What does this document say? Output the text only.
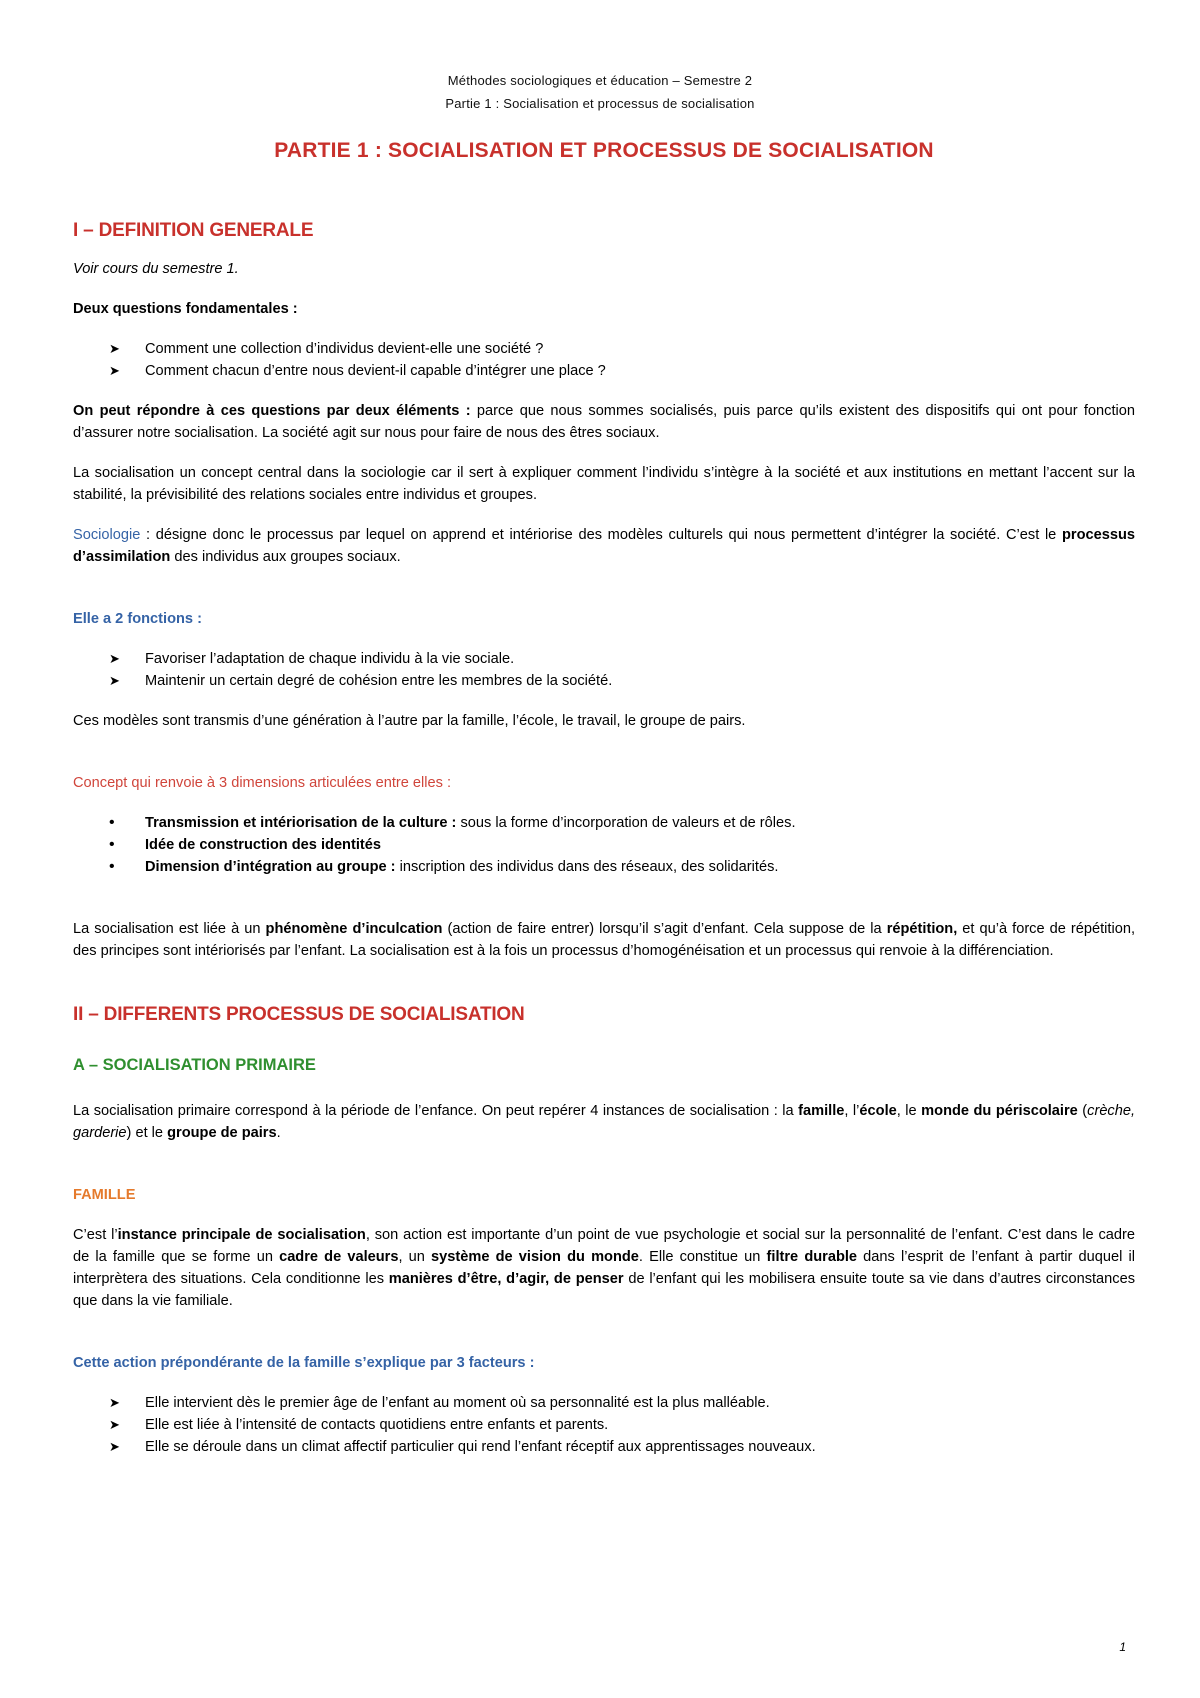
Méthodes sociologiques et éducation – Semestre 2
Partie 1 : Socialisation et processus de socialisation
PARTIE 1 : SOCIALISATION ET PROCESSUS DE SOCIALISATION
I – DEFINITION GENERALE

Voir cours du semestre 1.

Deux questions fondamentales :

➤	Comment une collection d’individus devient-elle une société ?
➤	Comment chacun d’entre nous devient-il capable d’intégrer une place ?

On peut répondre à ces questions par deux éléments : parce que nous sommes socialisés, puis parce qu’ils existent des dispositifs qui ont pour fonction d’assurer notre socialisation. La société agit sur nous pour faire de nous des êtres sociaux.

La socialisation un concept central dans la sociologie car il sert à expliquer comment l’individu s’intègre à la société et aux institutions en mettant l’accent sur la stabilité, la prévisibilité des relations sociales entre individus et groupes.

Sociologie : désigne donc le processus par lequel on apprend et intériorise des modèles culturels qui nous permettent d’intégrer la société. C’est le processus d’assimilation des individus aux groupes sociaux.

Elle a 2 fonctions :

➤	Favoriser l’adaptation de chaque individu à la vie sociale.
➤	Maintenir un certain degré de cohésion entre les membres de la société.

Ces modèles sont transmis d’une génération à l’autre par la famille, l’école, le travail, le groupe de pairs.

Concept qui renvoie à 3 dimensions articulées entre elles :

•	Transmission et intériorisation de la culture : sous la forme d’incorporation de valeurs et de rôles.
•	Idée de construction des identités
•	Dimension d’intégration au groupe : inscription des individus dans des réseaux, des solidarités.

La socialisation est liée à un phénomène d’inculcation (action de faire entrer) lorsqu’il s’agit d’enfant. Cela suppose de la répétition, et qu’à force de répétition, des principes sont intériorisés par l’enfant. La socialisation est à la fois un processus d’homogénéisation et un processus qui renvoie à la différenciation.

II – DIFFERENTS PROCESSUS DE SOCIALISATION
A – SOCIALISATION PRIMAIRE

La socialisation primaire correspond à la période de l’enfance. On peut repérer 4 instances de socialisation : la famille, l’école, le monde du périscolaire (crèche, garderie) et le groupe de pairs.

FAMILLE

C’est l’instance principale de socialisation, son action est importante d’un point de vue psychologie et social sur la personnalité de l’enfant. C’est dans le cadre de la famille que se forme un cadre de valeurs, un système de vision du monde. Elle constitue un filtre durable dans l’esprit de l’enfant à partir duquel il interprètera des situations. Cela conditionne les manières d’être, d’agir, de penser de l’enfant qui les mobilisera ensuite toute sa vie dans d’autres circonstances que dans la vie familiale.

Cette action prépondérante de la famille s’explique par 3 facteurs :

➤	Elle intervient dès le premier âge de l’enfant au moment où sa personnalité est la plus malléable.
➤	Elle est liée à l’intensité de contacts quotidiens entre enfants et parents.
➤	Elle se déroule dans un climat affectif particulier qui rend l’enfant réceptif aux apprentissages nouveaux.
1
